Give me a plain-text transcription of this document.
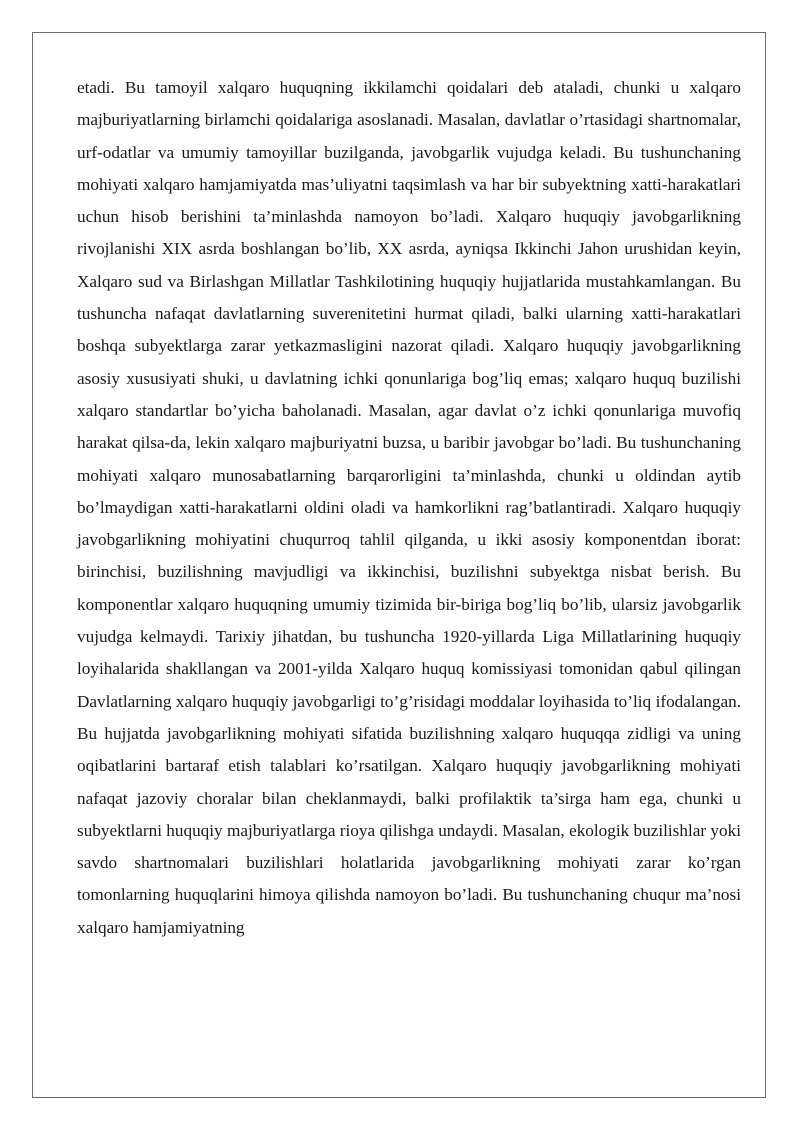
etadi. Bu tamoyil xalqaro huquqning ikkilamchi qoidalari deb ataladi, chunki u xalqaro majburiyatlarning birlamchi qoidalariga asoslanadi. Masalan, davlatlar o’rtasidagi shartnomalar, urf-odatlar va umumiy tamoyillar buzilganda, javobgarlik vujudga keladi. Bu tushunchaning mohiyati xalqaro hamjamiyatda mas’uliyatni taqsimlash va har bir subyektning xatti-harakatlari uchun hisob berishini ta’minlashda namoyon bo’ladi. Xalqaro huquqiy javobgarlikning rivojlanishi XIX asrda boshlangan bo’lib, XX asrda, ayniqsa Ikkinchi Jahon urushidan keyin, Xalqaro sud va Birlashgan Millatlar Tashkilotining huquqiy hujjatlarida mustahkamlangan. Bu tushuncha nafaqat davlatlarning suverenitetini hurmat qiladi, balki ularning xatti-harakatlari boshqa subyektlarga zarar yetkazmasligini nazorat qiladi. Xalqaro huquqiy javobgarlikning asosiy xususiyati shuki, u davlatning ichki qonunlariga bog’liq emas; xalqaro huquq buzilishi xalqaro standartlar bo’yicha baholanadi. Masalan, agar davlat o’z ichki qonunlariga muvofiq harakat qilsa-da, lekin xalqaro majburiyatni buzsa, u baribir javobgar bo’ladi. Bu tushunchaning mohiyati xalqaro munosabatlarning barqarorligini ta’minlashda, chunki u oldindan aytib bo’lmaydigan xatti-harakatlarni oldini oladi va hamkorlikni rag’batlantiradi. Xalqaro huquqiy javobgarlikning mohiyatini chuqurroq tahlil qilganda, u ikki asosiy komponentdan iborat: birinchisi, buzilishning mavjudligi va ikkinchisi, buzilishni subyektga nisbat berish. Bu komponentlar xalqaro huquqning umumiy tizimida bir-biriga bog’liq bo’lib, ularsiz javobgarlik vujudga kelmaydi. Tarixiy jihatdan, bu tushuncha 1920-yillarda Liga Millatlarining huquqiy loyihalarida shakllangan va 2001-yilda Xalqaro huquq komissiyasi tomonidan qabul qilingan Davlatlarning xalqaro huquqiy javobgarligi to’g’risidagi moddalar loyihasida to’liq ifodalangan. Bu hujjatda javobgarlikning mohiyati sifatida buzilishning xalqaro huquqqa zidligi va uning oqibatlarini bartaraf etish talablari ko’rsatilgan. Xalqaro huquqiy javobgarlikning mohiyati nafaqat jazoviy choralar bilan cheklanmaydi, balki profilaktik ta’sirga ham ega, chunki u subyektlarni huquqiy majburiyatlarga rioya qilishga undaydi. Masalan, ekologik buzilishlar yoki savdo shartnomalari buzilishlari holatlarida javobgarlikning mohiyati zarar ko’rgan tomonlarning huquqlarini himoya qilishda namoyon bo’ladi. Bu tushunchaning chuqur ma’nosi xalqaro hamjamiyatning
